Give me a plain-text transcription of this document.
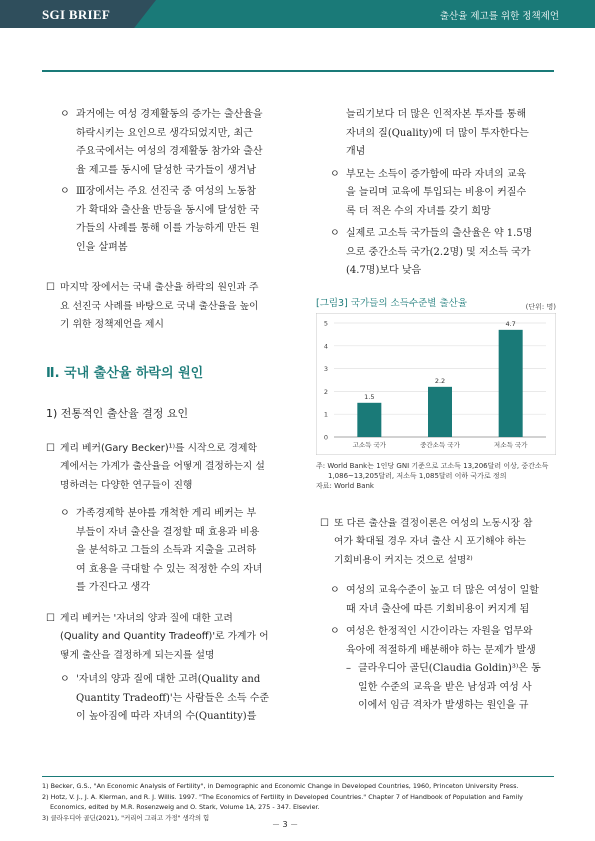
SGI BRIEF	출산율 제고를 위한 정책제언
ㅇ 과거에는 여성 경제활동의 증가는 출산율을
하락시키는 요인으로 생각되었지만, 최근
주요국에서는 여성의 경제활동 참가와 출산
율 제고를 동시에 달성한 국가들이 생겨남
ㅇ Ⅲ장에서는 주요 선진국 중 여성의 노동참
가 확대와 출산율 반등을 동시에 달성한 국
가들의 사례를 통해 이를 가능하게 만든 원
인을 살펴봄
☐ 마지막 장에서는 국내 출산율 하락의 원인과 주
요 선진국 사례를 바탕으로 국내 출산율을 높이
기 위한 정책제언을 제시
Ⅱ. 국내 출산율 하락의 원인
1) 전통적인 출산율 결정 요인
☐ 게리 베커(Gary Becker)¹⁾를 시작으로 경제학
계에서는 가계가 출산율을 어떻게 결정하는지 설
명하려는 다양한 연구들이 진행
ㅇ 가족경제학 분야를 개척한 게리 베커는 부
부들이 자녀 출산을 결정할 때 효용과 비용
을 분석하고 그들의 소득과 지출을 고려하
여 효용을 극대할 수 있는 적정한 수의 자녀
를 가진다고 생각
☐ 게리 베커는 '자녀의 양과 질에 대한 고려
(Quality and Quantity Tradeoff)'로 가계가 어
떻게 출산을 결정하게 되는지를 설명
ㅇ '자녀의 양과 질에 대한 고려(Quality and
Quantity Tradeoff)'는 사람들은 소득 수준
이 높아짐에 따라 자녀의 수(Quantity)를
늘리기보다 더 많은 인적자본 투자를 통해
자녀의 질(Quality)에 더 많이 투자한다는
개념
ㅇ 부모는 소득이 증가함에 따라 자녀의 교육
을 늘리며 교육에 투입되는 비용이 커질수
록 더 적은 수의 자녀를 갖기 희망
ㅇ 실제로 고소득 국가들의 출산율은 약 1.5명
으로 중간소득 국가(2.2명) 및 저소득 국가
(4.7명)보다 낮음
[그림3] 국가들의 소득수준별 출산율	(단위: 명)
0
1
2
3
4
5
1.5
고소득 국가
2.2
중간소득 국가
4.7
저소득 국가
주: World Bank는 1인당 GNI 기준으로 고소득 13,206달러 이상, 중간소득
1,086~13,205달러, 저소득 1,085달러 이하 국가로 정의
자료: World Bank
☐ 또 다른 출산율 결정이론은 여성의 노동시장 참
여가 확대될 경우 자녀 출산 시 포기해야 하는
기회비용이 커지는 것으로 설명²⁾
ㅇ 여성의 교육수준이 높고 더 많은 여성이 일할
때 자녀 출산에 따른 기회비용이 커지게 됨
ㅇ 여성은 한정적인 시간이라는 자원을 업무와
육아에 적절하게 배분해야 하는 문제가 발생
– 클라우디아 골딘(Claudia Goldin)³⁾은 동
일한 수준의 교육을 받은 남성과 여성 사
이에서 임금 격차가 발생하는 원인을 규
1) Becker, G.S., "An Economic Analysis of Fertility", in Demographic and Economic Change in Developed Countries, 1960, Princeton University Press.
2) Hotz, V. J., J. A. Klerman, and R. J. Willis. 1997. "The Economics of Fertility in Developed Countries." Chapter 7 of Handbook of Population and Family
Economics, edited by M.R. Rosenzweig and O. Stark, Volume 1A, 275 - 347. Elsevier.
3) 클라우디아 골딘(2021), "커리어 그리고 가정" 생각의 힘
－ 3 －
